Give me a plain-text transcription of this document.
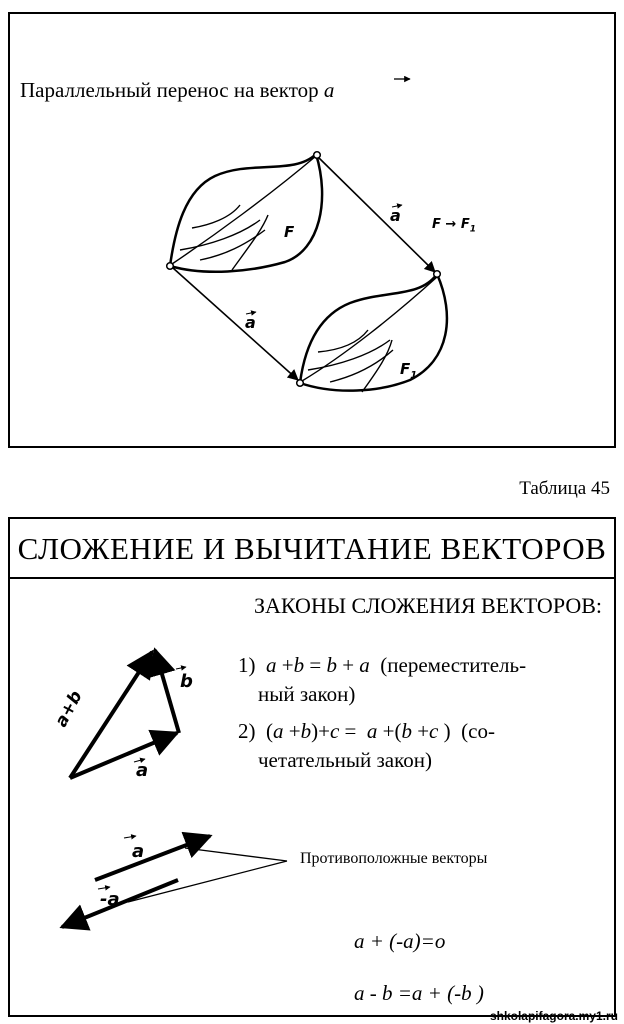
Параллельный перенос на вектор a
a
a
F
$F_1$
$F \to F_1$
Таблица 45
СЛОЖЕНИЕ И ВЫЧИТАНИЕ ВЕКТОРОВ
ЗАКОНЫ СЛОЖЕНИЯ ВЕКТОРОВ:
1) a +b = b + a (переместитель-
ный закон)
2)  (a +b)+c =  a +(b +c )  (со-
четательный закон)
a
b
a+b
Противоположные векторы
a
-a
a + (-a)=o
a - b =a + (-b )
shkolapifagora.my1.ru
